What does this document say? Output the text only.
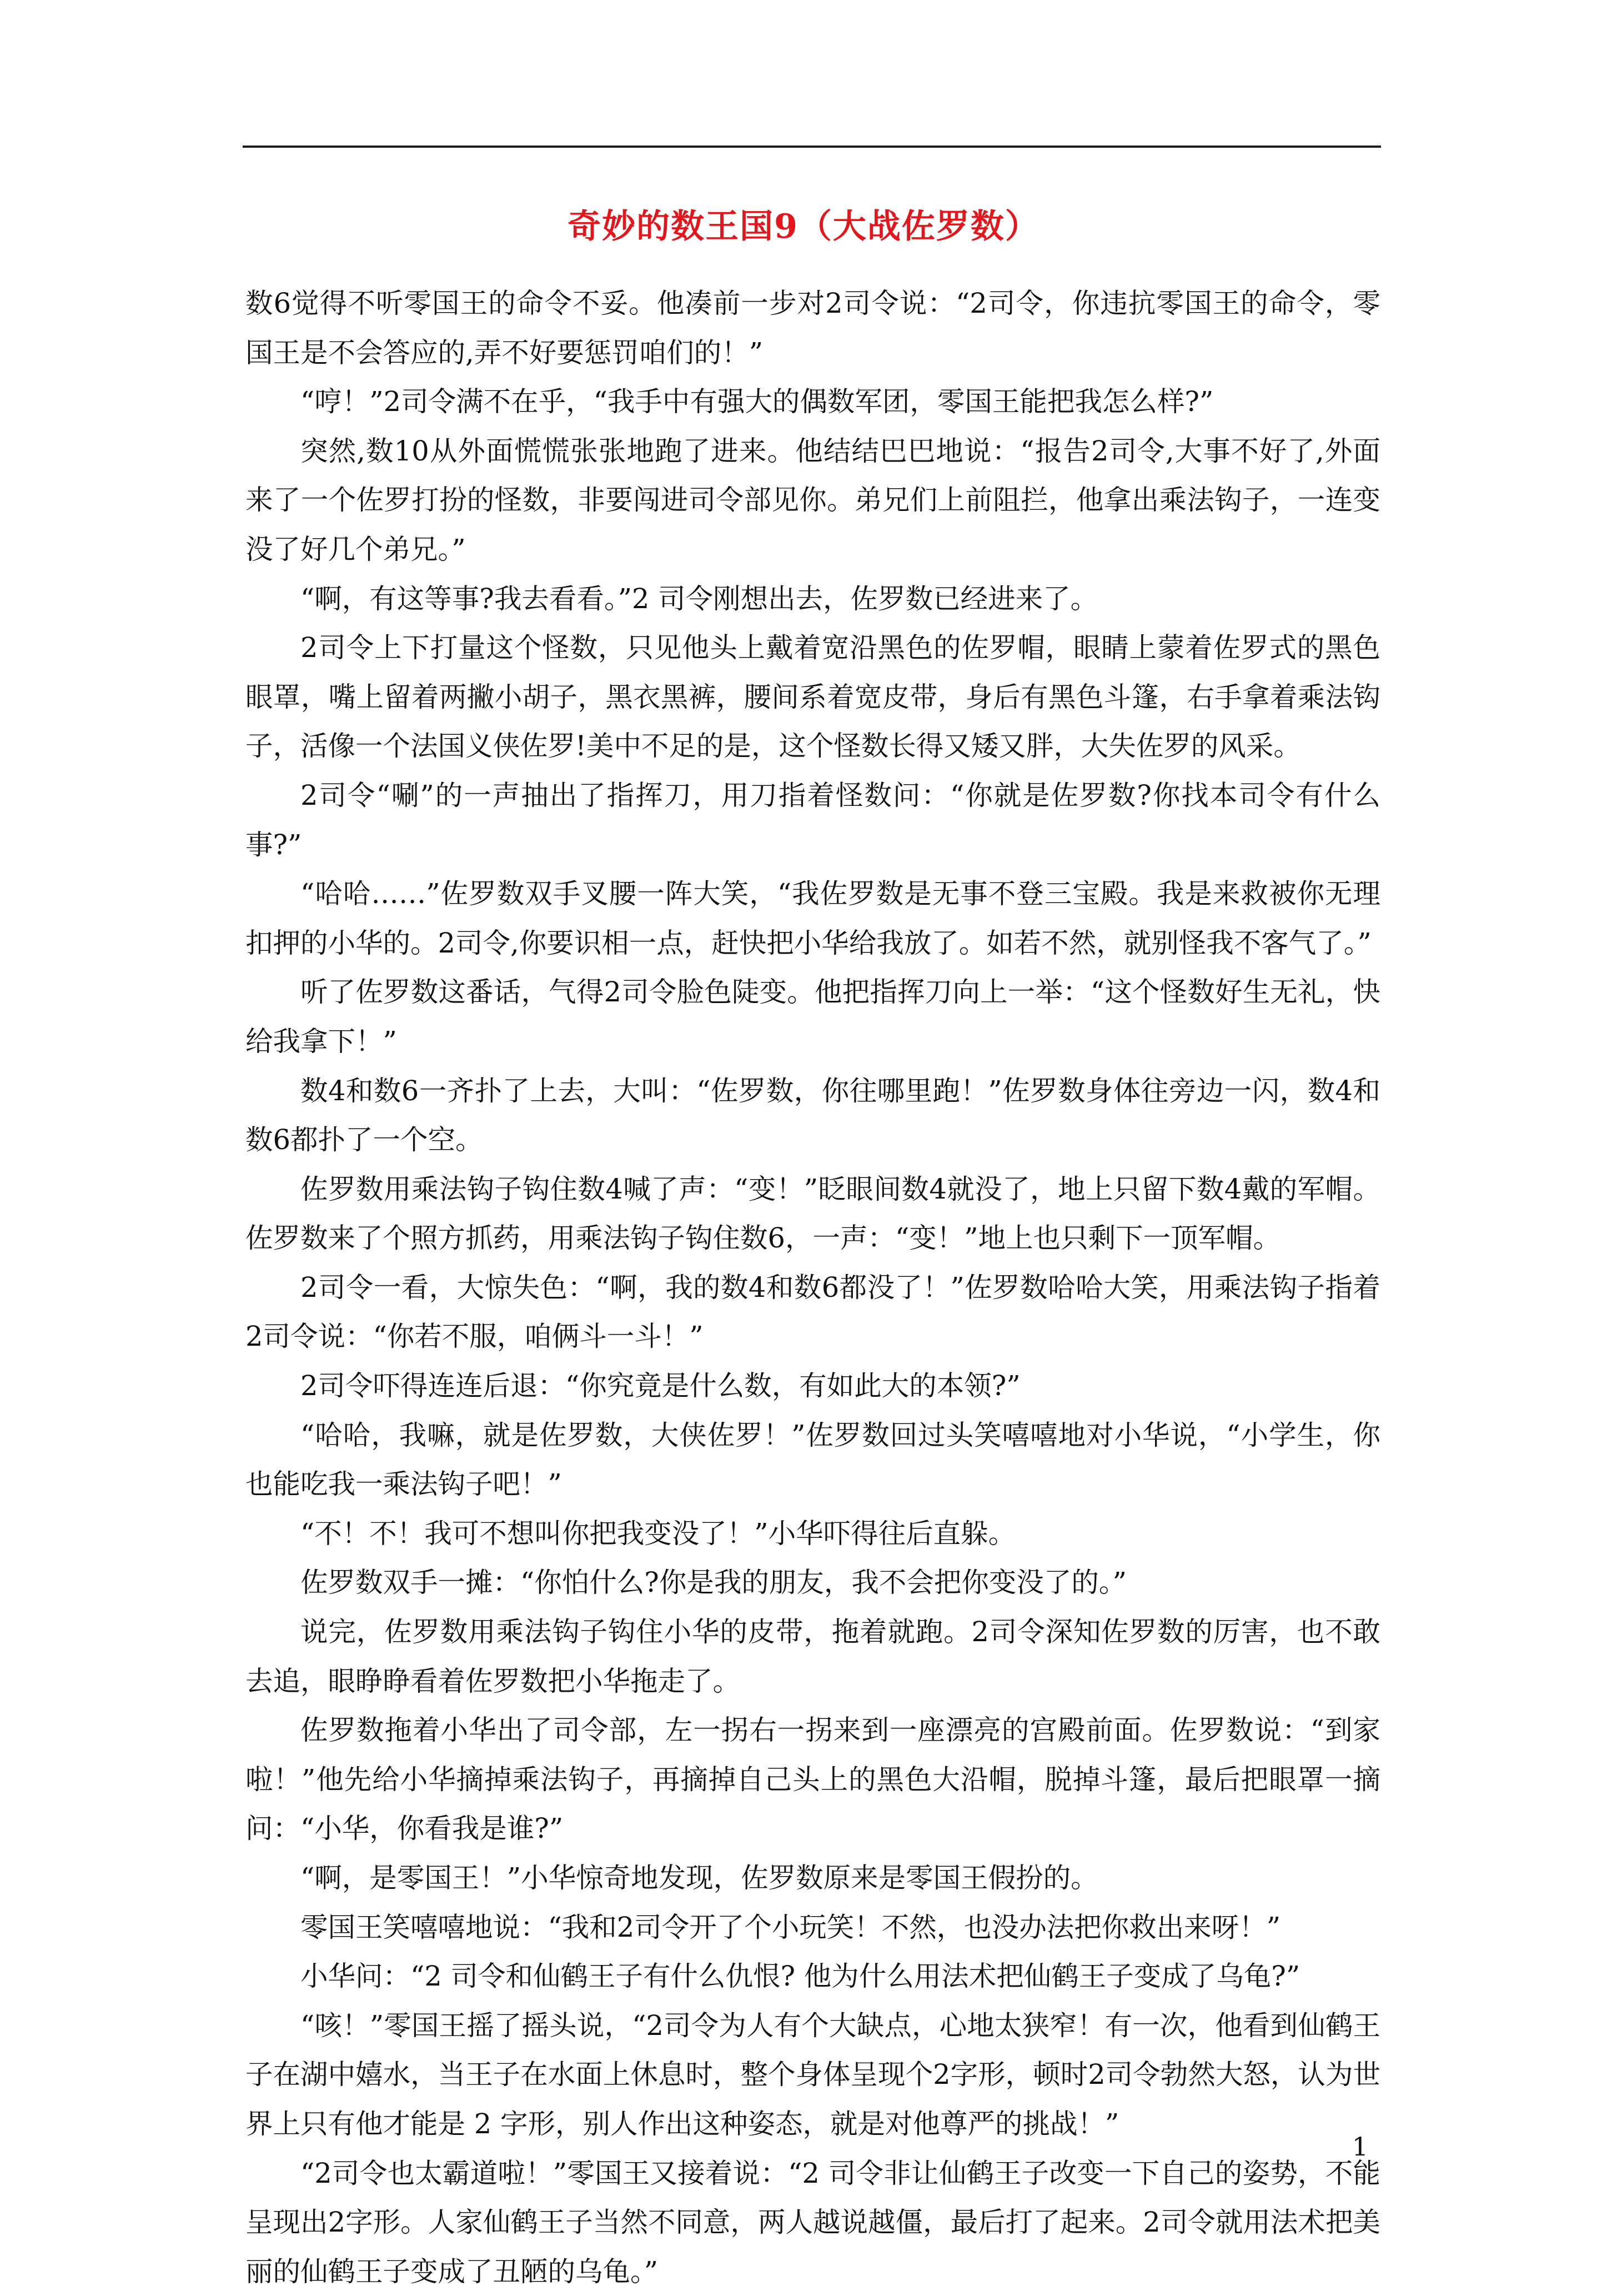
奇妙的数王国9（大战佐罗数）

数6觉得不听零国王的命令不妥。他凑前一步对2司令说：“2司令，你违抗零国王的命令，零国王是不会答应的,弄不好要惩罚咱们的！”

“哼！”2司令满不在乎，“我手中有强大的偶数军团，零国王能把我怎么样?”

突然,数10从外面慌慌张张地跑了进来。他结结巴巴地说：“报告2司令,大事不好了,外面来了一个佐罗打扮的怪数，非要闯进司令部见你。弟兄们上前阻拦，他拿出乘法钩子，一连变没了好几个弟兄。”

“啊，有这等事?我去看看。”2 司令刚想出去，佐罗数已经进来了。

2司令上下打量这个怪数，只见他头上戴着宽沿黑色的佐罗帽，眼睛上蒙着佐罗式的黑色眼罩，嘴上留着两撇小胡子，黑衣黑裤，腰间系着宽皮带，身后有黑色斗篷，右手拿着乘法钩子，活像一个法国义侠佐罗!美中不足的是，这个怪数长得又矮又胖，大失佐罗的风采。

2司令“唰”的一声抽出了指挥刀，用刀指着怪数问：“你就是佐罗数?你找本司令有什么事?”

“哈哈……”佐罗数双手叉腰一阵大笑，“我佐罗数是无事不登三宝殿。我是来救被你无理扣押的小华的。2司令,你要识相一点，赶快把小华给我放了。如若不然，就别怪我不客气了。”

听了佐罗数这番话，气得2司令脸色陡变。他把指挥刀向上一举：“这个怪数好生无礼，快给我拿下！”

数4和数6一齐扑了上去，大叫：“佐罗数，你往哪里跑！”佐罗数身体往旁边一闪，数4和数6都扑了一个空。

佐罗数用乘法钩子钩住数4喊了声：“变！”眨眼间数4就没了，地上只留下数4戴的军帽。佐罗数来了个照方抓药，用乘法钩子钩住数6，一声：“变！”地上也只剩下一顶军帽。

2司令一看，大惊失色：“啊，我的数4和数6都没了！”佐罗数哈哈大笑，用乘法钩子指着 2司令说：“你若不服，咱俩斗一斗！”

2司令吓得连连后退：“你究竟是什么数，有如此大的本领?”

“哈哈，我嘛，就是佐罗数，大侠佐罗！”佐罗数回过头笑嘻嘻地对小华说，“小学生，你也能吃我一乘法钩子吧！”

“不！不！我可不想叫你把我变没了！”小华吓得往后直躲。

佐罗数双手一摊：“你怕什么?你是我的朋友，我不会把你变没了的。”

说完，佐罗数用乘法钩子钩住小华的皮带，拖着就跑。2司令深知佐罗数的厉害，也不敢去追，眼睁睁看着佐罗数把小华拖走了。

佐罗数拖着小华出了司令部，左一拐右一拐来到一座漂亮的宫殿前面。佐罗数说：“到家啦！”他先给小华摘掉乘法钩子，再摘掉自己头上的黑色大沿帽，脱掉斗篷，最后把眼罩一摘问：“小华，你看我是谁?”

“啊，是零国王！”小华惊奇地发现，佐罗数原来是零国王假扮的。

零国王笑嘻嘻地说：“我和2司令开了个小玩笑！不然，也没办法把你救出来呀！”

小华问：“2 司令和仙鹤王子有什么仇恨? 他为什么用法术把仙鹤王子变成了乌龟?”

“咳！”零国王摇了摇头说，“2司令为人有个大缺点，心地太狭窄！有一次，他看到仙鹤王子在湖中嬉水，当王子在水面上休息时，整个身体呈现个2字形，顿时2司令勃然大怒，认为世界上只有他才能是 2 字形，别人作出这种姿态，就是对他尊严的挑战！”

“2司令也太霸道啦！”零国王又接着说：“2 司令非让仙鹤王子改变一下自己的姿势，不能呈现出2字形。人家仙鹤王子当然不同意，两人越说越僵，最后打了起来。2司令就用法术把美丽的仙鹤王子变成了丑陋的乌龟。”

1
